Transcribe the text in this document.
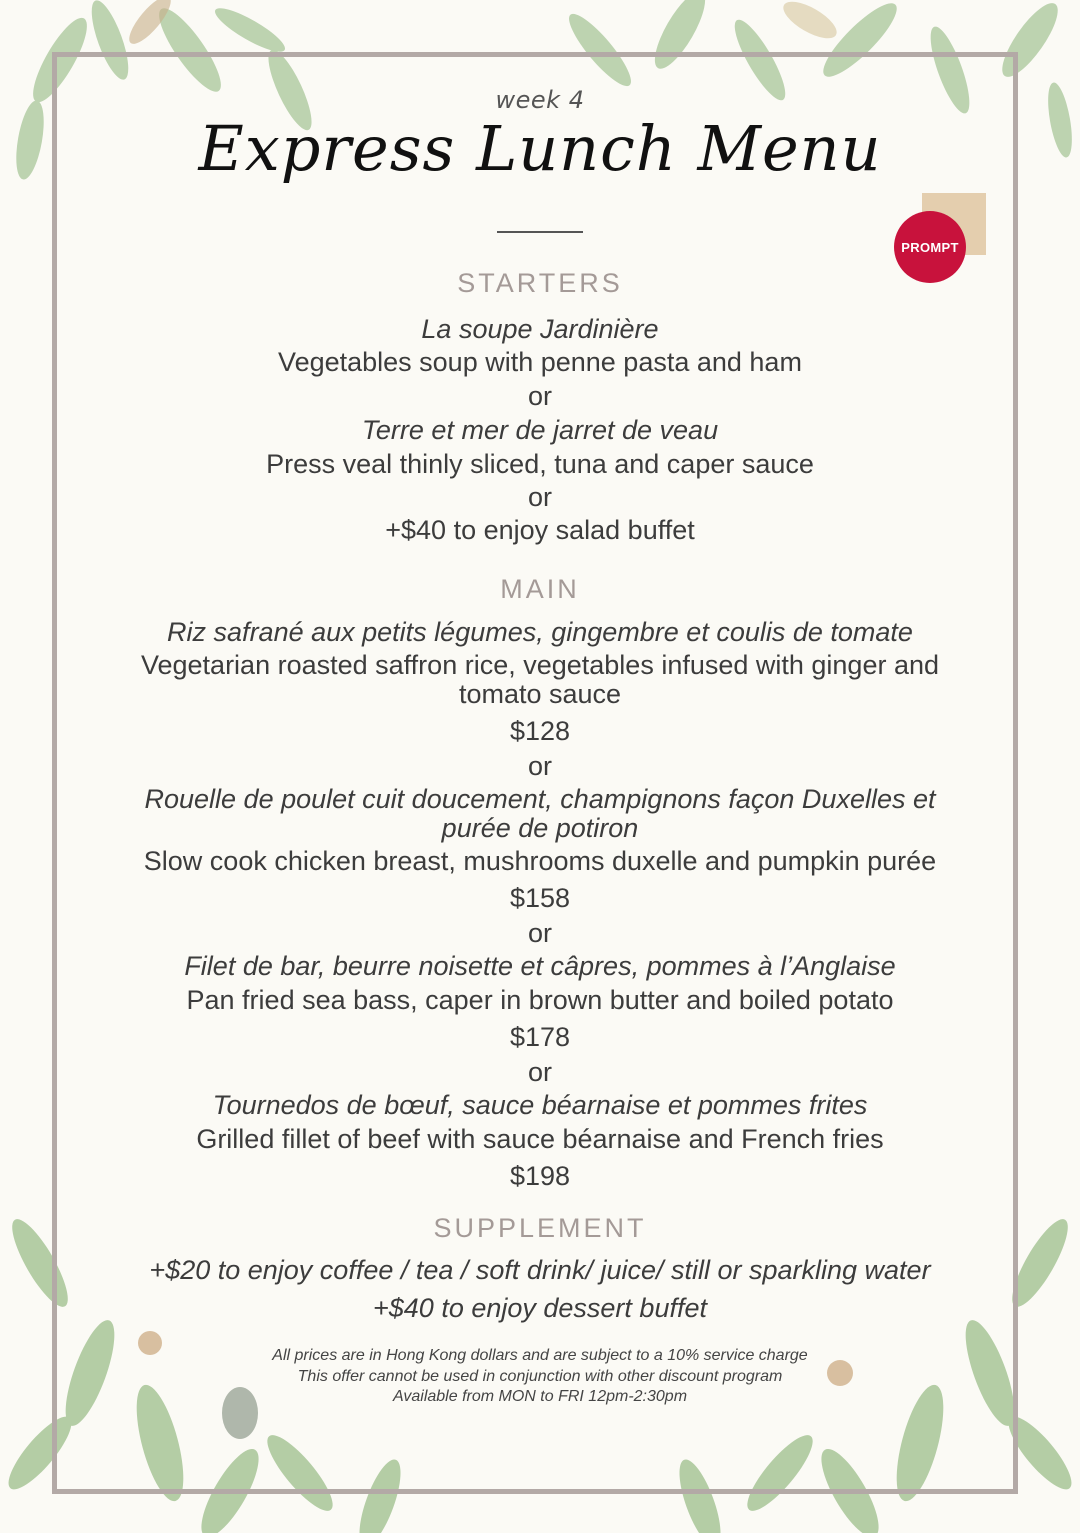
PROMPT
week 4
Express Lunch Menu
STARTERS
La soupe Jardinière
Vegetables soup with penne pasta and ham
or
Terre et mer de jarret de veau
Press veal thinly sliced, tuna and caper sauce
or
+$40 to enjoy salad buffet
MAIN
Riz safrané aux petits légumes, gingembre et coulis de tomate
Vegetarian roasted saffron rice, vegetables infused with ginger and
tomato sauce
$128
or
Rouelle de poulet cuit doucement, champignons façon Duxelles et
purée de potiron
Slow cook chicken breast, mushrooms duxelle and pumpkin purée
$158
or
Filet de bar, beurre noisette et câpres, pommes à l’Anglaise
Pan fried sea bass, caper in brown butter and boiled potato
$178
or
Tournedos de bœuf, sauce béarnaise et pommes frites
Grilled fillet of beef with sauce béarnaise and French fries
$198
SUPPLEMENT
+$20 to enjoy coffee / tea / soft drink/ juice/ still or sparkling water
+$40 to enjoy dessert buffet
All prices are in Hong Kong dollars and are subject to a 10% service charge
This offer cannot be used in conjunction with other discount program
Available from MON to FRI 12pm-2:30pm
